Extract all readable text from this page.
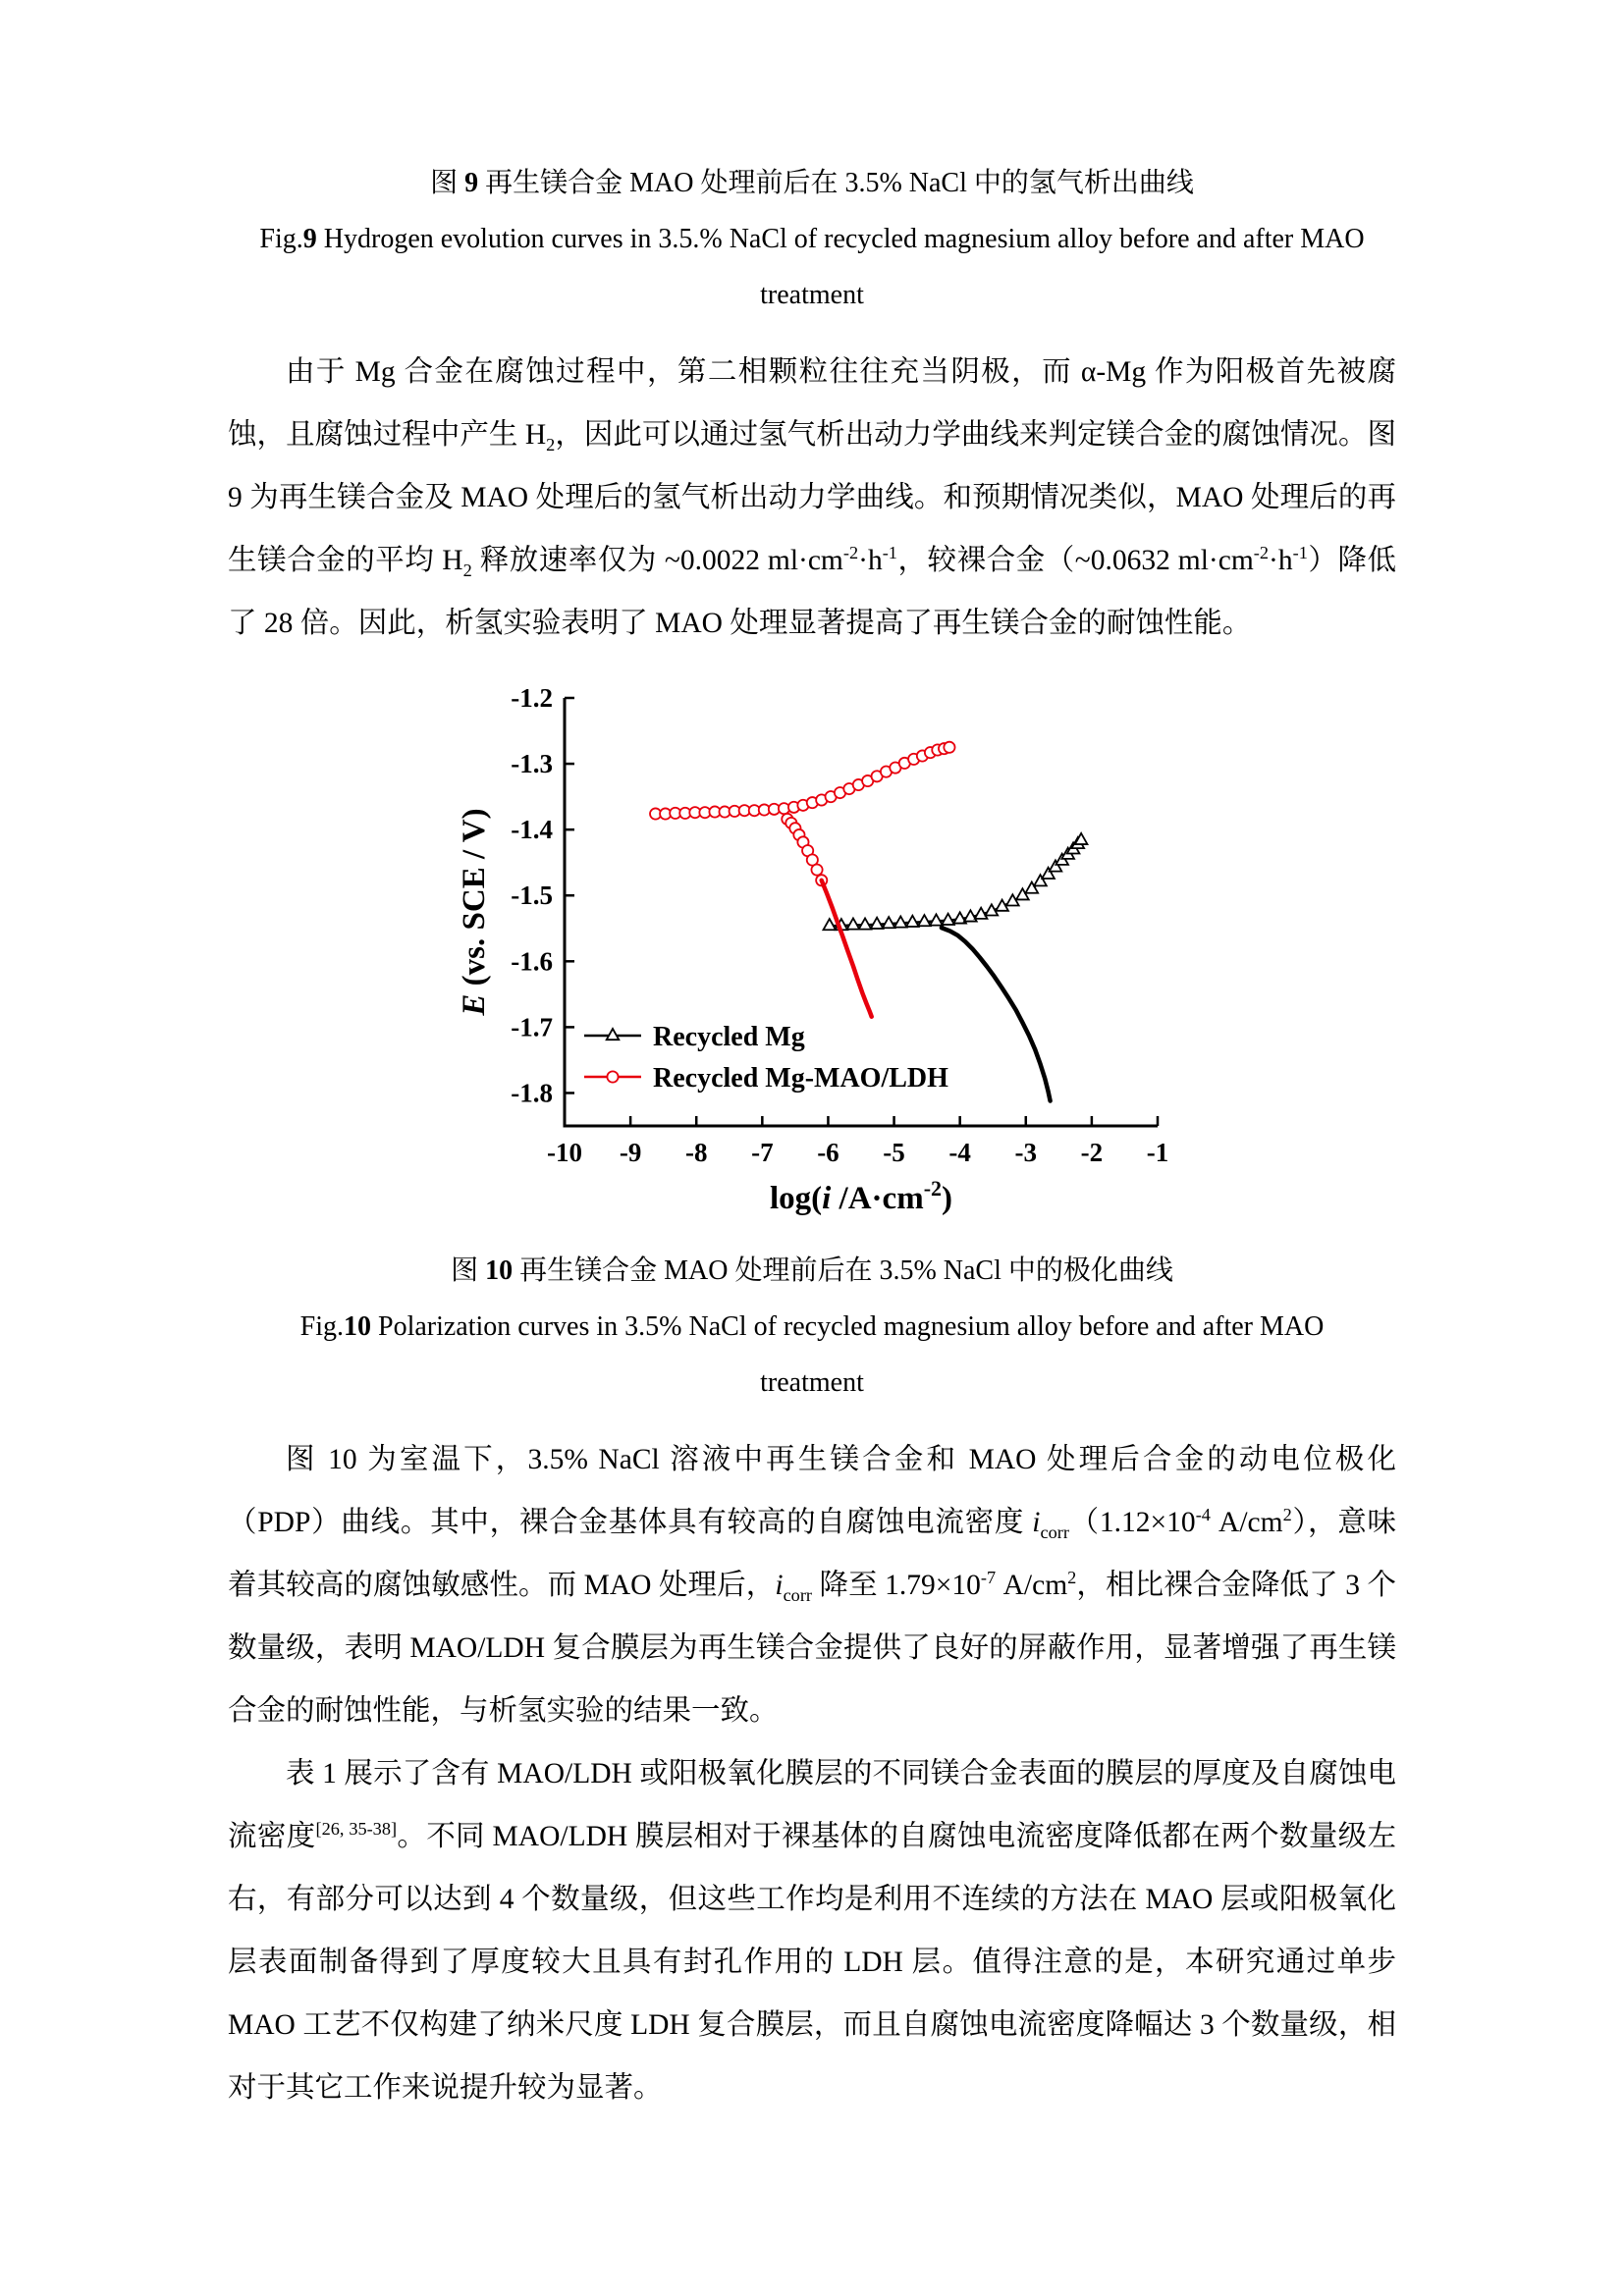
图 9 再生镁合金 MAO 处理前后在 3.5% NaCl 中的氢气析出曲线
Fig.9 Hydrogen evolution curves in 3.5.% NaCl of recycled magnesium alloy before and after MAO
treatment

由于 Mg 合金在腐蚀过程中，第二相颗粒往往充当阴极，而 α-Mg 作为阳极首先被腐蚀，且腐蚀过程中产生 $H_2$，因此可以通过氢气析出动力学曲线来判定镁合金的腐蚀情况。图 9 为再生镁合金及 MAO 处理后的氢气析出动力学曲线。和预期情况类似，MAO 处理后的再生镁合金的平均 $H_2$ 释放速率仅为 ~0.0022 $ml\cdot cm^{-2}\cdot h^{-1}$，较裸合金（~0.0632 $ml\cdot cm^{-2}\cdot h^{-1}$）降低了 28 倍。因此，析氢实验表明了 MAO 处理显著提高了再生镁合金的耐蚀性能。

-10 -9 -8 -7 -6 -5 -4 -3 -2 -1
-1.2
-1.3
-1.4
-1.5
-1.6
-1.7
-1.8
log(i $/A\cdot cm^{-2}$)
E (vs. SCE / V)
Recycled Mg
Recycled Mg-MAO/LDH
图 10 再生镁合金 MAO 处理前后在 3.5% NaCl 中的极化曲线
Fig.10 Polarization curves in 3.5% NaCl of recycled magnesium alloy before and after MAO
treatment

图 10 为室温下，3.5% NaCl 溶液中再生镁合金和 MAO 处理后合金的动电位极化（PDP）曲线。其中，裸合金基体具有较高的自腐蚀电流密度 $i_{corr}(1.12\times 10^{-4}$ $A/cm^2$），意味着其较高的腐蚀敏感性。而 MAO 处理后，$i_{corr}$ 降至 $1.79\times 10^{-7}$ $A/cm^2$，相比裸合金降低了 3 个数量级，表明 MAO/LDH 复合膜层为再生镁合金提供了良好的屏蔽作用，显著增强了再生镁合金的耐蚀性能，与析氢实验的结果一致。

表 1 展示了含有 MAO/LDH 或阳极氧化膜层的不同镁合金表面的膜层的厚度及自腐蚀电流密度[26, 35-38]。不同 MAO/LDH 膜层相对于裸基体的自腐蚀电流密度降低都在两个数量级左右，有部分可以达到 4 个数量级，但这些工作均是利用不连续的方法在 MAO 层或阳极氧化层表面制备得到了厚度较大且具有封孔作用的 LDH 层。值得注意的是，本研究通过单步 MAO 工艺不仅构建了纳米尺度 LDH 复合膜层，而且自腐蚀电流密度降幅达 3 个数量级，相对于其它工作来说提升较为显著。
